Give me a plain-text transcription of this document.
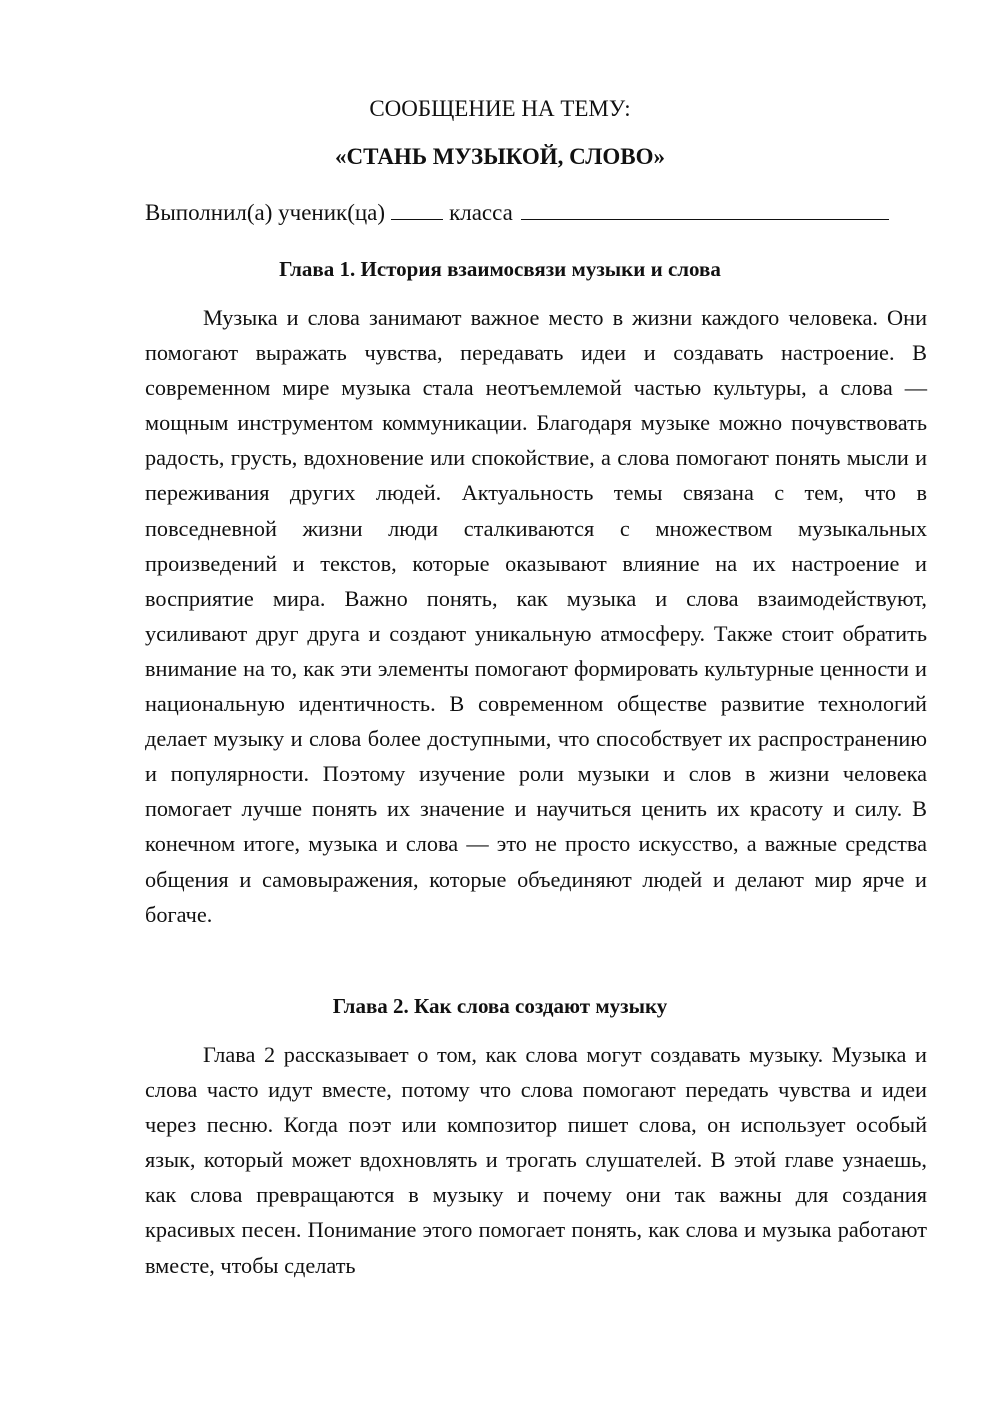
СООБЩЕНИЕ НА ТЕМУ:
«СТАНЬ МУЗЫКОЙ, СЛОВО»
Выполнил(а) ученик(ца)	класса
Глава 1. История взаимосвязи музыки и слова

Музыка и слова занимают важное место в жизни каждого человека. Они помогают выражать чувства, передавать идеи и создавать настроение. В современном мире музыка стала неотъемлемой частью культуры, а слова — мощным инструментом коммуникации. Благодаря музыке можно почувствовать радость, грусть, вдохновение или спокойствие, а слова помогают понять мысли и переживания других людей. Актуальность темы связана с тем, что в повседневной жизни люди сталкиваются с множеством музыкальных произведений и текстов, которые оказывают влияние на их настроение и восприятие мира. Важно понять, как музыка и слова взаимодействуют, усиливают друг друга и создают уникальную атмосферу. Также стоит обратить внимание на то, как эти элементы помогают формировать культурные ценности и национальную идентичность. В современном обществе развитие технологий делает музыку и слова более доступными, что способствует их распространению и популярности. Поэтому изучение роли музыки и слов в жизни человека помогает лучше понять их значение и научиться ценить их красоту и силу. В конечном итоге, музыка и слова — это не просто искусство, а важные средства общения и самовыражения, которые объединяют людей и делают мир ярче и богаче.

Глава 2. Как слова создают музыку

Глава 2 рассказывает о том, как слова могут создавать музыку. Музыка и слова часто идут вместе, потому что слова помогают передать чувства и идеи через песню. Когда поэт или композитор пишет слова, он использует особый язык, который может вдохновлять и трогать слушателей. В этой главе узнаешь, как слова превращаются в музыку и почему они так важны для создания красивых песен. Понимание этого помогает понять, как слова и музыка работают вместе, чтобы сделать
